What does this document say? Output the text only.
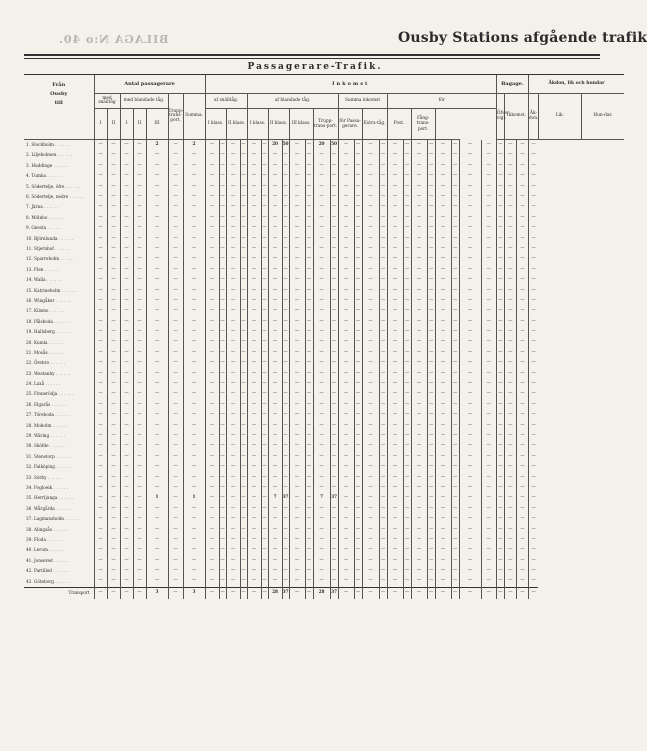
BILAGA N:o 40.	Ousby Stations afgående trafik
Passagerare-Trafik.
Från
Ousby
till	Antal passagerare							Inkomst																								Bagage.			Åkdon, lik och hundar		
	med snälltåg		med blandade tåg.			Trupp-trans-port.	Summa.	af snälltåg.				af blandade tåg.								Summa inkomst				för								Öfver-vigt.	Inkomst.		Åk-don.	Lik.	Hun-dar.
	I	II	I	II	III			I klass.		II klass.		I klass.		II klass.		III klass.		Trupp-trans-port.		för Passa-gerare.		Extra-tåg.		Post.		Fång-trans-port.											
1. Stockholm . . . . . .	—	—	—	—	2	—	2	—	—	—	—	—	—	20	50	—	—	20	50	—	—	—	—	—	—	—	—	—	—	—	—	—	—	—	—		
2. Liljeholmen . . . . . .	—	—	—	—	—	—	—	—	—	—	—	—	—	—	—	—	—	—	—	—	—	—	—	—	—	—	—	—	—	—	—	—	—	—	—		
3. Huddinge . . . . . .	—	—	—	—	—	—	—	—	—	—	—	—	—	—	—	—	—	—	—	—	—	—	—	—	—	—	—	—	—	—	—	—	—	—	—		
4. Tumba . . . . . .	—	—	—	—	—	—	—	—	—	—	—	—	—	—	—	—	—	—	—	—	—	—	—	—	—	—	—	—	—	—	—	—	—	—	—		
5. Södertelje, öfre . . . . . .	—	—	—	—	—	—	—	—	—	—	—	—	—	—	—	—	—	—	—	—	—	—	—	—	—	—	—	—	—	—	—	—	—	—	—		
6. Södertelje, nedre . . . . . .	—	—	—	—	—	—	—	—	—	—	—	—	—	—	—	—	—	—	—	—	—	—	—	—	—	—	—	—	—	—	—	—	—	—	—		
7. Järna . . . . . .	—	—	—	—	—	—	—	—	—	—	—	—	—	—	—	—	—	—	—	—	—	—	—	—	—	—	—	—	—	—	—	—	—	—	—		
8. Mölnbo . . . . . .	—	—	—	—	—	—	—	—	—	—	—	—	—	—	—	—	—	—	—	—	—	—	—	—	—	—	—	—	—	—	—	—	—	—	—		
9. Gnesta . . . . . .	—	—	—	—	—	—	—	—	—	—	—	—	—	—	—	—	—	—	—	—	—	—	—	—	—	—	—	—	—	—	—	—	—	—	—		
10. Björnlunda . . . . . .	—	—	—	—	—	—	—	—	—	—	—	—	—	—	—	—	—	—	—	—	—	—	—	—	—	—	—	—	—	—	—	—	—	—	—		
11. Stjernhof . . . . . .	—	—	—	—	—	—	—	—	—	—	—	—	—	—	—	—	—	—	—	—	—	—	—	—	—	—	—	—	—	—	—	—	—	—	—		
12. Sparreholm . . . . . .	—	—	—	—	—	—	—	—	—	—	—	—	—	—	—	—	—	—	—	—	—	—	—	—	—	—	—	—	—	—	—	—	—	—	—		
13. Flen . . . . . .	—	—	—	—	—	—	—	—	—	—	—	—	—	—	—	—	—	—	—	—	—	—	—	—	—	—	—	—	—	—	—	—	—	—	—		
14. Walla . . . . . .	—	—	—	—	—	—	—	—	—	—	—	—	—	—	—	—	—	—	—	—	—	—	—	—	—	—	—	—	—	—	—	—	—	—	—		
15. Katrineholm . . . . . .	—	—	—	—	—	—	—	—	—	—	—	—	—	—	—	—	—	—	—	—	—	—	—	—	—	—	—	—	—	—	—	—	—	—	—		
16. Wingåker . . . . . .	—	—	—	—	—	—	—	—	—	—	—	—	—	—	—	—	—	—	—	—	—	—	—	—	—	—	—	—	—	—	—	—	—	—	—		
17. Kilsmo . . . . . .	—	—	—	—	—	—	—	—	—	—	—	—	—	—	—	—	—	—	—	—	—	—	—	—	—	—	—	—	—	—	—	—	—	—	—		
18. Pålsboda . . . . . .	—	—	—	—	—	—	—	—	—	—	—	—	—	—	—	—	—	—	—	—	—	—	—	—	—	—	—	—	—	—	—	—	—	—	—		
19. Hallsberg . . . . . .	—	—	—	—	—	—	—	—	—	—	—	—	—	—	—	—	—	—	—	—	—	—	—	—	—	—	—	—	—	—	—	—	—	—	—		
20. Kumla . . . . . .	—	—	—	—	—	—	—	—	—	—	—	—	—	—	—	—	—	—	—	—	—	—	—	—	—	—	—	—	—	—	—	—	—	—	—		
21. Mosås . . . . . .	—	—	—	—	—	—	—	—	—	—	—	—	—	—	—	—	—	—	—	—	—	—	—	—	—	—	—	—	—	—	—	—	—	—	—		
22. Örebro . . . . . .	—	—	—	—	—	—	—	—	—	—	—	—	—	—	—	—	—	—	—	—	—	—	—	—	—	—	—	—	—	—	—	—	—	—	—		
23. Westanby . . . . . .	—	—	—	—	—	—	—	—	—	—	—	—	—	—	—	—	—	—	—	—	—	—	—	—	—	—	—	—	—	—	—	—	—	—	—		
24. Laxå . . . . . .	—	—	—	—	—	—	—	—	—	—	—	—	—	—	—	—	—	—	—	—	—	—	—	—	—	—	—	—	—	—	—	—	—	—	—		
25. Finnerödja . . . . . .	—	—	—	—	—	—	—	—	—	—	—	—	—	—	—	—	—	—	—	—	—	—	—	—	—	—	—	—	—	—	—	—	—	—	—		
26. Elgarås . . . . . .	—	—	—	—	—	—	—	—	—	—	—	—	—	—	—	—	—	—	—	—	—	—	—	—	—	—	—	—	—	—	—	—	—	—	—		
27. Töreboda . . . . . .	—	—	—	—	—	—	—	—	—	—	—	—	—	—	—	—	—	—	—	—	—	—	—	—	—	—	—	—	—	—	—	—	—	—	—		
28. Moholm . . . . . .	—	—	—	—	—	—	—	—	—	—	—	—	—	—	—	—	—	—	—	—	—	—	—	—	—	—	—	—	—	—	—	—	—	—	—		
29. Wäring . . . . . .	—	—	—	—	—	—	—	—	—	—	—	—	—	—	—	—	—	—	—	—	—	—	—	—	—	—	—	—	—	—	—	—	—	—	—		
30. Sköfde . . . . . .	—	—	—	—	—	—	—	—	—	—	—	—	—	—	—	—	—	—	—	—	—	—	—	—	—	—	—	—	—	—	—	—	—	—	—		
31. Stenstorp . . . . . .	—	—	—	—	—	—	—	—	—	—	—	—	—	—	—	—	—	—	—	—	—	—	—	—	—	—	—	—	—	—	—	—	—	—	—		
32. Falköping . . . . . .	—	—	—	—	—	—	—	—	—	—	—	—	—	—	—	—	—	—	—	—	—	—	—	—	—	—	—	—	—	—	—	—	—	—	—		
33. Sörby . . . . . .	—	—	—	—	—	—	—	—	—	—	—	—	—	—	—	—	—	—	—	—	—	—	—	—	—	—	—	—	—	—	—	—	—	—	—		
34. Fogloeik . . . . . .	—	—	—	—	—	—	—	—	—	—	—	—	—	—	—	—	—	—	—	—	—	—	—	—	—	—	—	—	—	—	—	—	—	—	—		
35. Herrljunga . . . . . .	—	—	—	—	1	—	1	—	—	—	—	—	—	7	37	—	—	7	37	—	—	—	—	—	—	—	—	—	—	—	—	—	—	—	—		
36. Wårgårda . . . . . .	—	—	—	—	—	—	—	—	—	—	—	—	—	—	—	—	—	—	—	—	—	—	—	—	—	—	—	—	—	—	—	—	—	—	—		
37. Lagmansholm . . . . . .	—	—	—	—	—	—	—	—	—	—	—	—	—	—	—	—	—	—	—	—	—	—	—	—	—	—	—	—	—	—	—	—	—	—	—		
38. Alingsås . . . . . .	—	—	—	—	—	—	—	—	—	—	—	—	—	—	—	—	—	—	—	—	—	—	—	—	—	—	—	—	—	—	—	—	—	—	—		
39. Floda . . . . . .	—	—	—	—	—	—	—	—	—	—	—	—	—	—	—	—	—	—	—	—	—	—	—	—	—	—	—	—	—	—	—	—	—	—	—		
40. Lerum . . . . . .	—	—	—	—	—	—	—	—	—	—	—	—	—	—	—	—	—	—	—	—	—	—	—	—	—	—	—	—	—	—	—	—	—	—	—		
41. Jonsered . . . . . .	—	—	—	—	—	—	—	—	—	—	—	—	—	—	—	—	—	—	—	—	—	—	—	—	—	—	—	—	—	—	—	—	—	—	—		
42. Partilled . . . . . .	—	—	—	—	—	—	—	—	—	—	—	—	—	—	—	—	—	—	—	—	—	—	—	—	—	—	—	—	—	—	—	—	—	—	—		
43. Göteborg . . . . . .	—	—	—	—	—	—	—	—	—	—	—	—	—	—	—	—	—	—	—	—	—	—	—	—	—	—	—	—	—	—	—	—	—	—	—		
Transport	—	—	—	—	3	—	3	—	—	—	—	—	—	28	37	—	—	28	37	—	—	—	—	—	—	—	—	—	—	—	—	—	—	—	—		
